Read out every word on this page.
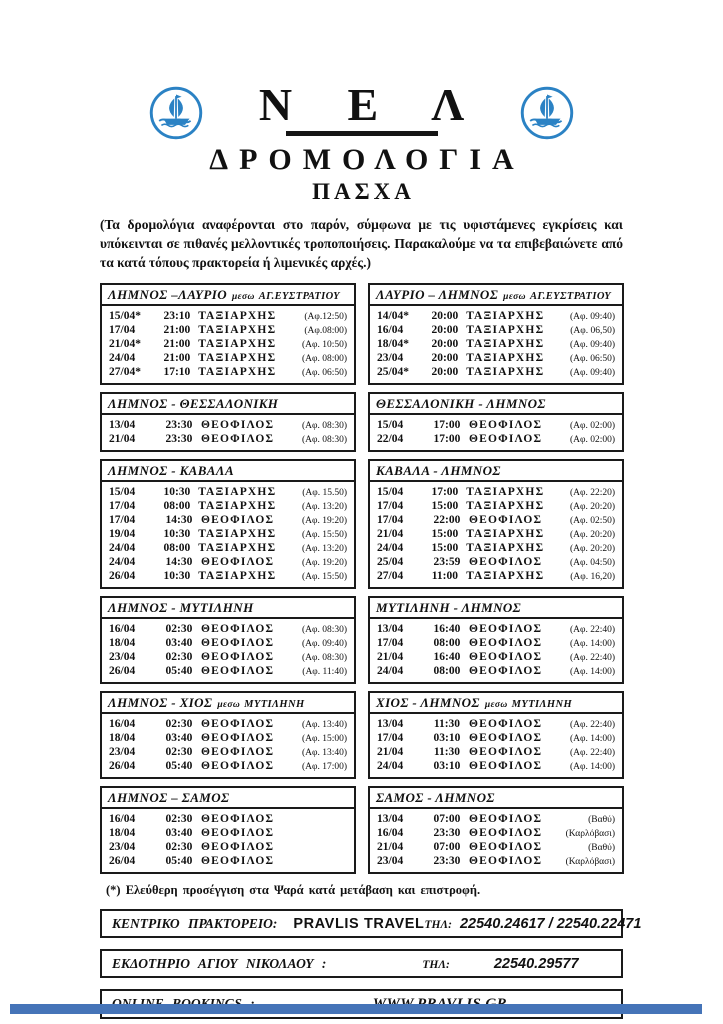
Ν Ε Λ
ΔΡΟΜΟΛΟΓΙΑ
ΠΑΣΧΑ

(Τα δρομολόγια αναφέρονται στο παρόν, σύμφωνα με τις υφιστάμενες εγκρίσεις και υπόκεινται σε πιθανές μελλοντικές τροποποιήσεις. Παρακαλούμε να τα επιβεβαιώνετε από τα κατά τόπους πρακτορεία ή λιμενικές αρχές.)

ΛΗΜΝΟΣ –ΛΑΥΡΙΟ μεσω ΑΓ.ΕΥΣΤΡΑΤΙΟΥ
15/04*	23:10 ΤΑΞΙΑΡΧΗΣ	(Αφ.12:50)
17/04	21:00 ΤΑΞΙΑΡΧΗΣ	(Αφ.08:00)
21/04*	21:00 ΤΑΞΙΑΡΧΗΣ	(Αφ. 10:50)
24/04	21:00 ΤΑΞΙΑΡΧΗΣ	(Αφ. 08:00)
27/04*	17:10 ΤΑΞΙΑΡΧΗΣ	(Αφ. 06:50)
ΛΗΜΝΟΣ - ΘΕΣΣΑΛΟΝΙΚΗ
13/04	23:30 ΘΕΟΦΙΛΟΣ	(Αφ. 08:30)
21/04	23:30 ΘΕΟΦΙΛΟΣ	(Αφ. 08:30)
ΛΗΜΝΟΣ - ΚΑΒΑΛΑ
15/04	10:30 ΤΑΞΙΑΡΧΗΣ	(Αφ. 15.50)
17/04	08:00 ΤΑΞΙΑΡΧΗΣ	(Αφ. 13:20)
17/04	14:30 ΘΕΟΦΙΛΟΣ	(Αφ. 19:20)
19/04	10:30 ΤΑΞΙΑΡΧΗΣ	(Αφ. 15:50)
24/04	08:00 ΤΑΞΙΑΡΧΗΣ	(Αφ. 13:20)
24/04	14:30 ΘΕΟΦΙΛΟΣ	(Αφ. 19:20)
26/04	10:30 ΤΑΞΙΑΡΧΗΣ	(Αφ. 15:50)
ΛΗΜΝΟΣ - ΜΥΤΙΛΗΝΗ
16/04	02:30 ΘΕΟΦΙΛΟΣ	(Αφ. 08:30)
18/04	03:40 ΘΕΟΦΙΛΟΣ	(Αφ. 09:40)
23/04	02:30 ΘΕΟΦΙΛΟΣ	(Αφ. 08:30)
26/04	05:40 ΘΕΟΦΙΛΟΣ	(Αφ. 11:40)
ΛΗΜΝΟΣ - ΧΙΟΣ μεσω ΜΥΤΙΛΗΝΗ
16/04	02:30 ΘΕΟΦΙΛΟΣ	(Αφ. 13:40)
18/04	03:40 ΘΕΟΦΙΛΟΣ	(Αφ. 15:00)
23/04	02:30 ΘΕΟΦΙΛΟΣ	(Αφ. 13:40)
26/04	05:40 ΘΕΟΦΙΛΟΣ	(Αφ. 17:00)
ΛΗΜΝΟΣ – ΣΑΜΟΣ
16/04	02:30 ΘΕΟΦΙΛΟΣ
18/04	03:40 ΘΕΟΦΙΛΟΣ
23/04	02:30 ΘΕΟΦΙΛΟΣ
26/04	05:40 ΘΕΟΦΙΛΟΣ
ΛΑΥΡΙΟ – ΛΗΜΝΟΣ μεσω ΑΓ.ΕΥΣΤΡΑΤΙΟΥ
14/04*	20:00 ΤΑΞΙΑΡΧΗΣ	(Αφ. 09:40)
16/04	20:00 ΤΑΞΙΑΡΧΗΣ	(Αφ. 06,50)
18/04*	20:00 ΤΑΞΙΑΡΧΗΣ	(Αφ. 09:40)
23/04	20:00 ΤΑΞΙΑΡΧΗΣ	(Αφ. 06:50)
25/04*	20:00 ΤΑΞΙΑΡΧΗΣ	(Αφ. 09:40)
ΘΕΣΣΑΛΟΝΙΚΗ - ΛΗΜΝΟΣ
15/04	17:00 ΘΕΟΦΙΛΟΣ	(Αφ. 02:00)
22/04	17:00 ΘΕΟΦΙΛΟΣ	(Αφ. 02:00)
ΚΑΒΑΛΑ - ΛΗΜΝΟΣ
15/04	17:00 ΤΑΞΙΑΡΧΗΣ	(Αφ. 22:20)
17/04	15:00 ΤΑΞΙΑΡΧΗΣ	(Αφ. 20:20)
17/04	22:00 ΘΕΟΦΙΛΟΣ	(Αφ. 02:50)
21/04	15:00 ΤΑΞΙΑΡΧΗΣ	(Αφ. 20:20)
24/04	15:00 ΤΑΞΙΑΡΧΗΣ	(Αφ. 20:20)
25/04	23:59 ΘΕΟΦΙΛΟΣ	(Αφ. 04:50)
27/04	11:00 ΤΑΞΙΑΡΧΗΣ	(Αφ. 16,20)
ΜΥΤΙΛΗΝΗ - ΛΗΜΝΟΣ
13/04	16:40 ΘΕΟΦΙΛΟΣ	(Αφ. 22:40)
17/04	08:00 ΘΕΟΦΙΛΟΣ	(Αφ. 14:00)
21/04	16:40 ΘΕΟΦΙΛΟΣ	(Αφ. 22:40)
24/04	08:00 ΘΕΟΦΙΛΟΣ	(Αφ. 14:00)
ΧΙΟΣ - ΛΗΜΝΟΣ μεσω ΜΥΤΙΛΗΝΗ
13/04	11:30 ΘΕΟΦΙΛΟΣ	(Αφ. 22:40)
17/04	03:10 ΘΕΟΦΙΛΟΣ	(Αφ. 14:00)
21/04	11:30 ΘΕΟΦΙΛΟΣ	(Αφ. 22:40)
24/04	03:10 ΘΕΟΦΙΛΟΣ	(Αφ. 14:00)
ΣΑΜΟΣ - ΛΗΜΝΟΣ
13/04	07:00 ΘΕΟΦΙΛΟΣ	(Βαθύ)
16/04	23:30 ΘΕΟΦΙΛΟΣ	(Καρλόβασι)
21/04	07:00 ΘΕΟΦΙΛΟΣ	(Βαθύ)
23/04	23:30 ΘΕΟΦΙΛΟΣ	(Καρλόβασι)
(*) Ελεύθερη προσέγγιση στα Ψαρά κατά μετάβαση και επιστροφή.
ΚΕΝΤΡΙΚΟ ΠΡΑΚΤΟΡΕΙΟ: PRAVLIS TRAVEL ΤΗΛ: 22540.24617 / 22540.22471
ΕΚΔΟΤΗΡΙΟ ΑΓΙΟΥ ΝΙΚΟΛΑΟΥ :	ΤΗΛ:	22540.29577
